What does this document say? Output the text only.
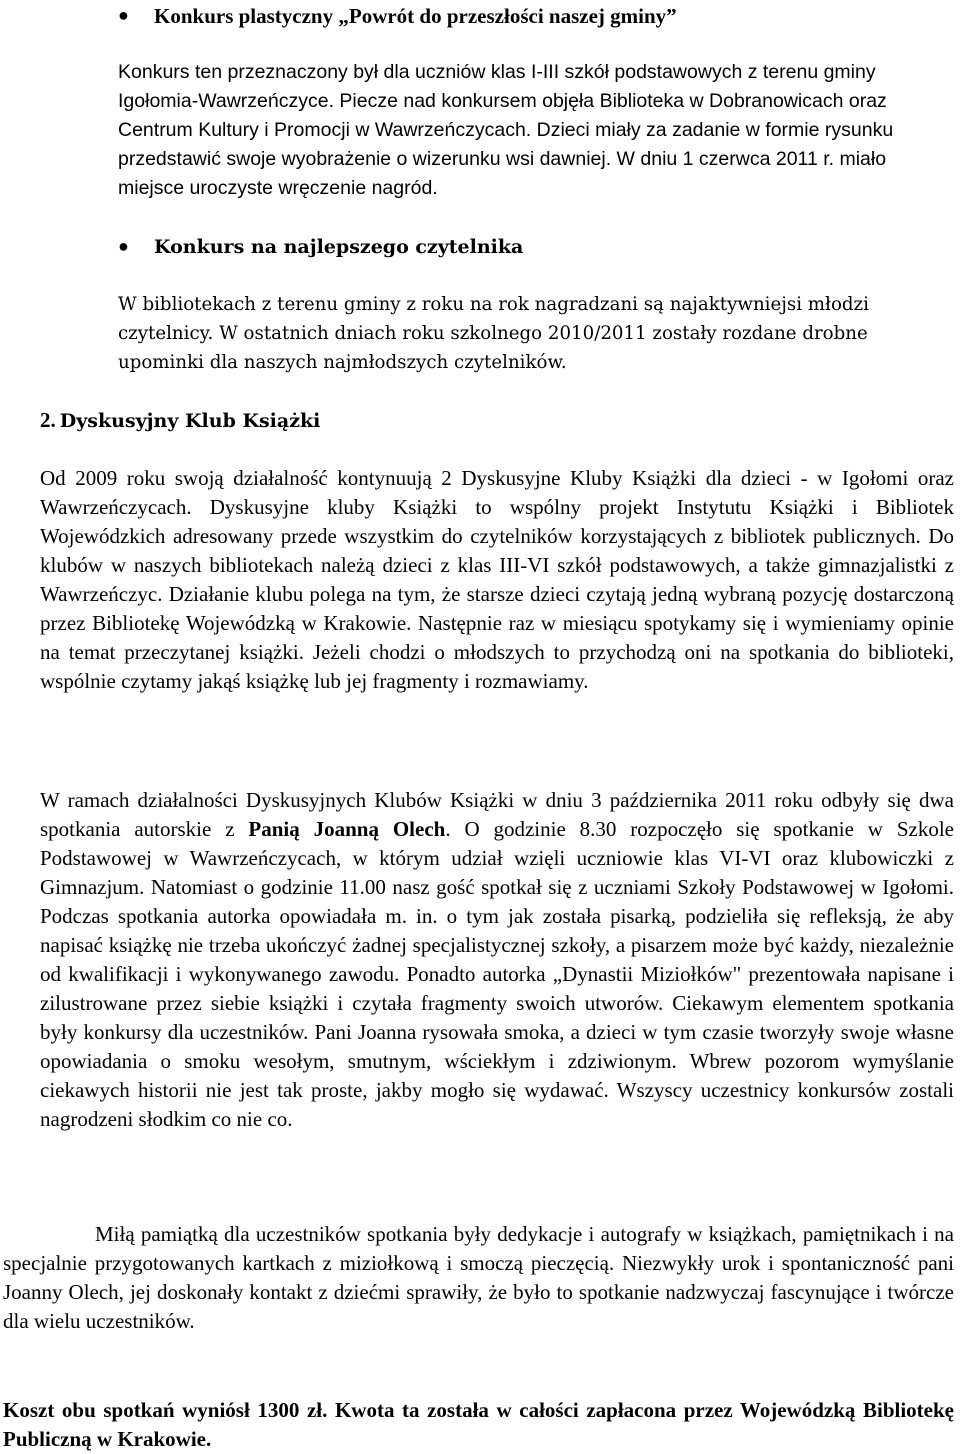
● Konkurs plastyczny „Powrót do przeszłości naszej gminy”

Konkurs ten przeznaczony był dla uczniów klas I-III szkół podstawowych z terenu gminy Igołomia-Wawrzeńczyce. Piecze nad konkursem objęła Biblioteka w Dobranowicach oraz Centrum Kultury i Promocji w Wawrzeńczycach. Dzieci miały za zadanie w formie rysunku przedstawić swoje wyobrażenie o wizerunku wsi dawniej. W dniu 1 czerwca 2011 r. miało miejsce uroczyste wręczenie nagród.

● Konkurs na najlepszego czytelnika

W bibliotekach z terenu gminy z roku na rok nagradzani są najaktywniejsi młodzi czytelnicy. W ostatnich dniach roku szkolnego 2010/2011 zostały rozdane drobne upominki dla naszych najmłodszych czytelników.

2. Dyskusyjny Klub Książki

Od 2009 roku swoją działalność kontynuują 2 Dyskusyjne Kluby Książki dla dzieci - w Igołomi oraz Wawrzeńczycach. Dyskusyjne kluby Książki to wspólny projekt Instytutu Książki i Bibliotek Wojewódzkich adresowany przede wszystkim do czytelników korzystających z bibliotek publicznych. Do klubów w naszych bibliotekach należą dzieci z klas III-VI szkół podstawowych, a także gimnazjalistki z Wawrzeńczyc. Działanie klubu polega na tym, że starsze dzieci czytają jedną wybraną pozycję dostarczoną przez Bibliotekę Wojewódzką w Krakowie. Następnie raz w miesiącu spotykamy się i wymieniamy opinie na temat przeczytanej książki. Jeżeli chodzi o młodszych to przychodzą oni na spotkania do biblioteki, wspólnie czytamy jakąś książkę lub jej fragmenty i rozmawiamy.

W ramach działalności Dyskusyjnych Klubów Książki w dniu 3 października 2011 roku odbyły się dwa spotkania autorskie z Panią Joanną Olech. O godzinie 8.30 rozpoczęło się spotkanie w Szkole Podstawowej w Wawrzeńczycach, w którym udział wzięli uczniowie klas VI-VI oraz klubowiczki z Gimnazjum. Natomiast o godzinie 11.00 nasz gość spotkał się z uczniami Szkoły Podstawowej w Igołomi. Podczas spotkania autorka opowiadała m. in. o tym jak została pisarką, podzieliła się refleksją, że aby napisać książkę nie trzeba ukończyć żadnej specjalistycznej szkoły, a pisarzem może być każdy, niezależnie od kwalifikacji i wykonywanego zawodu. Ponadto autorka „Dynastii Miziołków" prezentowała napisane i zilustrowane przez siebie książki i czytała fragmenty swoich utworów. Ciekawym elementem spotkania były konkursy dla uczestników. Pani Joanna rysowała smoka, a dzieci w tym czasie tworzyły swoje własne opowiadania o smoku wesołym, smutnym, wściekłym i zdziwionym. Wbrew pozorom wymyślanie ciekawych historii nie jest tak proste, jakby mogło się wydawać. Wszyscy uczestnicy konkursów zostali nagrodzeni słodkim co nie co.

Miłą pamiątką dla uczestników spotkania były dedykacje i autografy w książkach, pamiętnikach i na specjalnie przygotowanych kartkach z miziołkową i smoczą pieczęcią. Niezwykły urok i spontaniczność pani Joanny Olech, jej doskonały kontakt z dziećmi sprawiły, że było to spotkanie nadzwyczaj fascynujące i twórcze dla wielu uczestników.

Koszt obu spotkań wyniósł 1300 zł. Kwota ta została w całości zapłacona przez Wojewódzką Bibliotekę Publiczną w Krakowie.
